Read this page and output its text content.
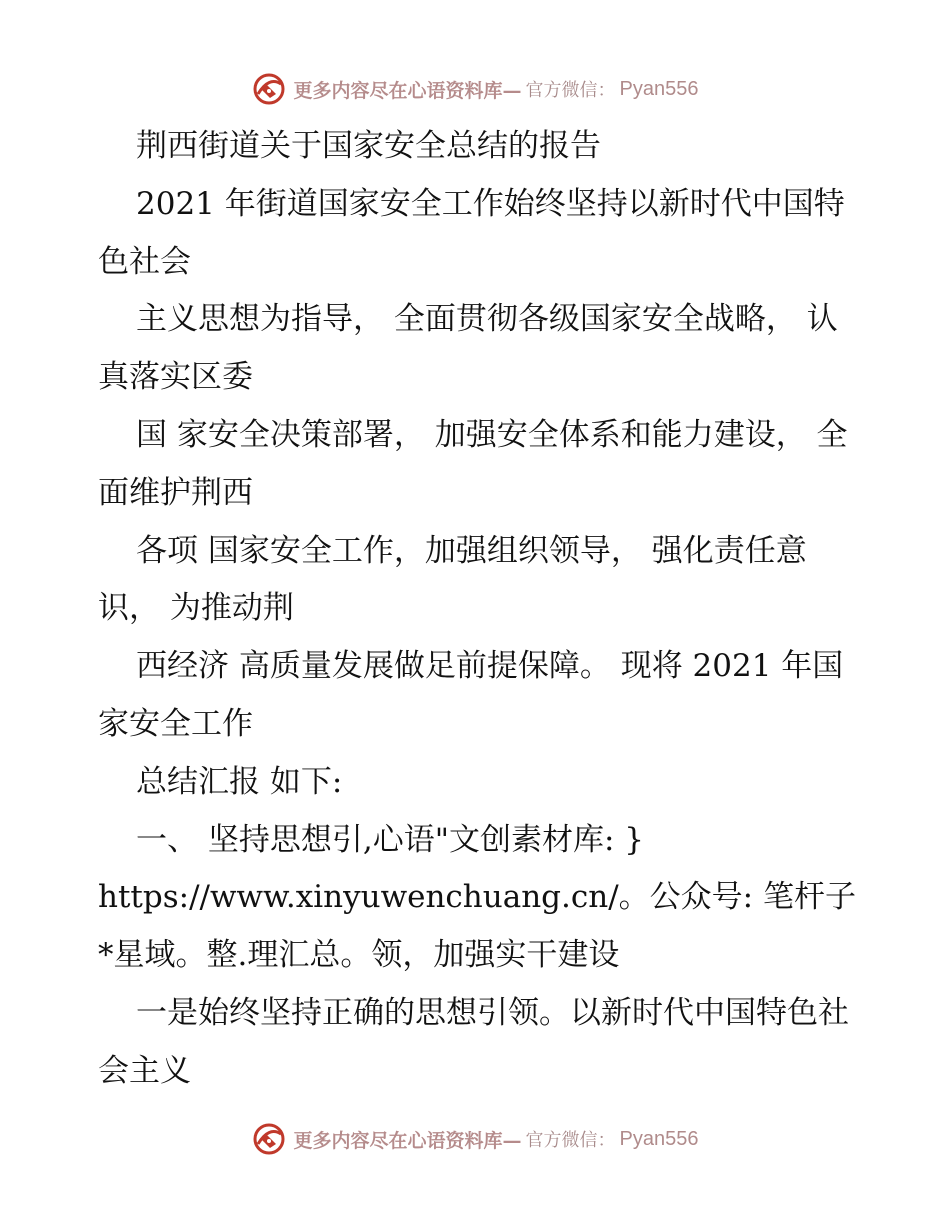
更多内容尽在心语资料库— 官方微信： Pyan556

荆西街道关于国家安全总结的报告

2021 年街道国家安全工作始终坚持以新时代中国特色社会

主义思想为指导， 全面贯彻各级国家安全战略， 认真落实区委

国 家安全决策部署， 加强安全体系和能力建设， 全面维护荆西

各项 国家安全工作，加强组织领导， 强化责任意识， 为推动荆

西经济 高质量发展做足前提保障。 现将 2021 年国家安全工作

总结汇报 如下:

一、 坚持思想引,心语"文创素材库: }

https://www.xinyuwenchuang.cn/。公众号: 笔杆子*星域。整.理汇总。领，加强实干建设

一是始终坚持正确的思想引领。以新时代中国特色社会主义

更多内容尽在心语资料库— 官方微信： Pyan556
